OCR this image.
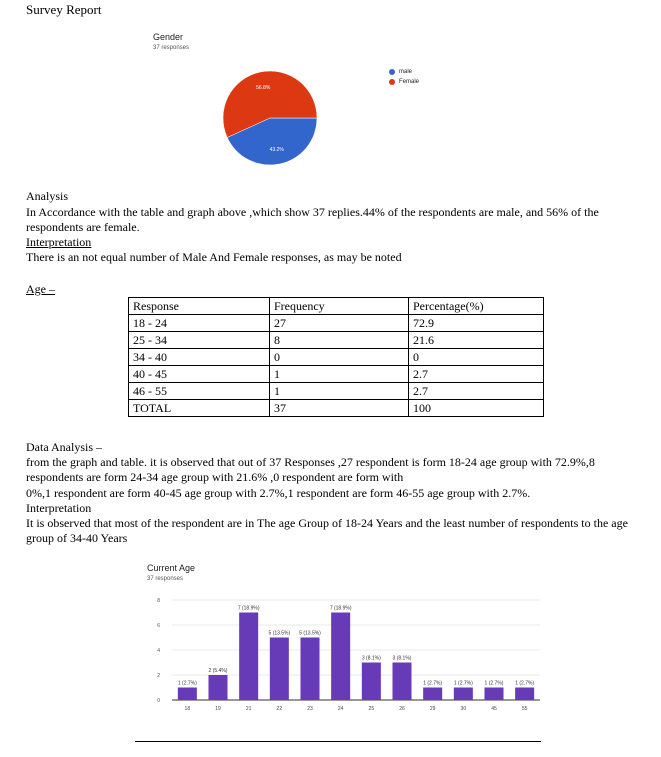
Survey Report
Gender
37 responses
43.2%
56.8%
male
Female
Analysis
In Accordance with the table and graph above ,which show 37 replies.44% of the respondents are male, and 56% of the respondents are female.
Interpretation
There is an not equal number of Male And Female responses, as may be noted
Age –
Response	Frequency	Percentage(%)
18 - 24	27	72.9
25 - 34	8	21.6
34 - 40	0	0
40 - 45	1	2.7
46 - 55	1	2.7
TOTAL	37	100
Data Analysis –
from the graph and table. it is observed that out of 37 Responses ,27 respondent is form 18-24 age group with 72.9%,8 respondents are form 24-34 age group with 21.6% ,0 respondent are form with
0%,1 respondent are form 40-45 age group with 2.7%,1 respondent are form 46-55 age group with 2.7%.
Interpretation
It is observed that most of the respondent are in The age Group of 18-24 Years and the least number of respondents to the age group of 34-40 Years
Current Age
37 responses
0
2
4
6
8
1 (2.7%)
18
2 (5.4%)
19
7 (18.9%)
21
5 (13.5%)
22
5 (13.5%)
23
7 (18.9%)
24
3 (8.1%)
25
3 (8.1%)
26
1 (2.7%)
29
1 (2.7%)
30
1 (2.7%)
45
1 (2.7%)
55
